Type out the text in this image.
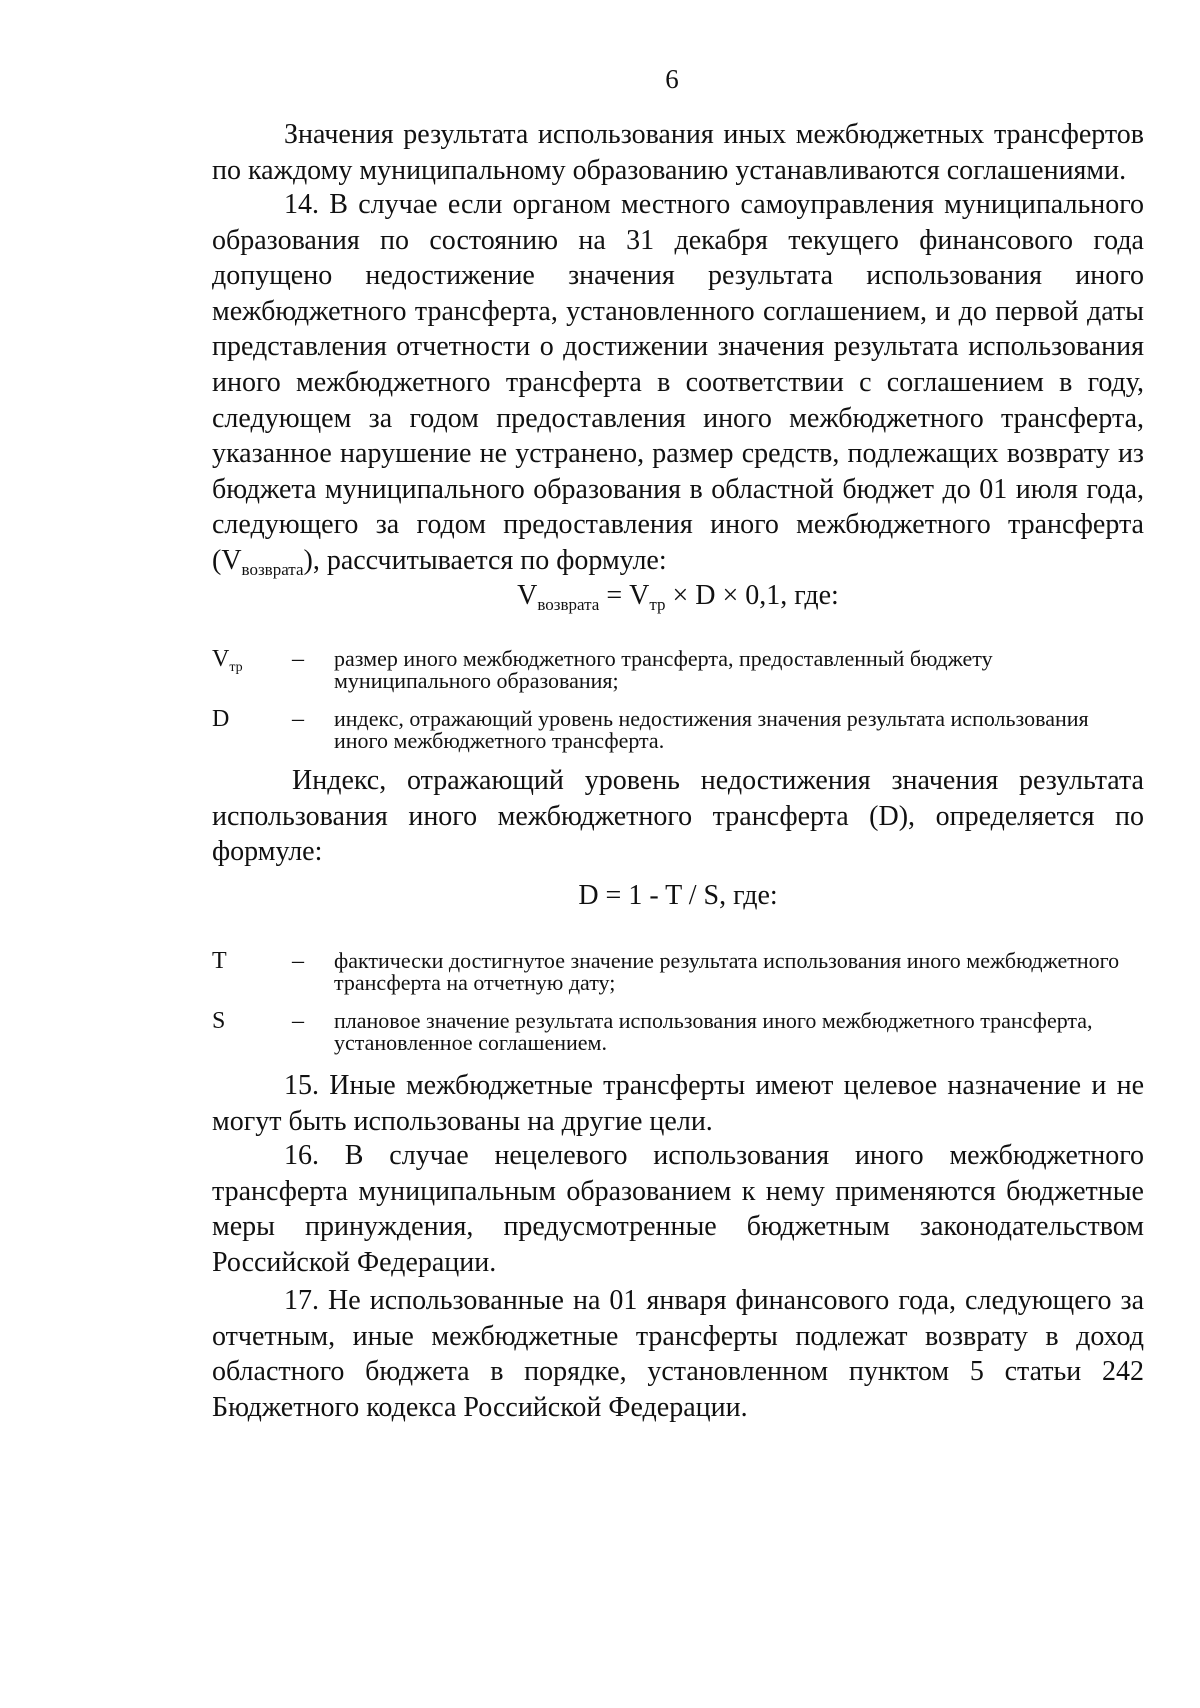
6

Значения результата использования иных межбюджетных трансфертов по каждому муниципальному образованию устанавливаются соглашениями.

14. В случае если органом местного самоуправления муниципального образования по состоянию на 31 декабря текущего финансового года допущено недостижение значения результата использования иного межбюджетного трансферта, установленного соглашением, и до первой даты представления отчетности о достижении значения результата использования иного межбюджетного трансферта в соответствии с соглашением в году, следующем за годом предоставления иного межбюджетного трансферта, указанное нарушение не устранено, размер средств, подлежащих возврату из бюджета муниципального образования в областной бюджет до 01 июля года, следующего за годом предоставления иного межбюджетного трансферта $(V_{возврата})$, рассчитывается по формуле:

$V_{возврата} = V_{тр} \times D \times 0,1$, где:
$V_{тр}$	–	размер иного межбюджетного трансферта, предоставленный бюджету муниципального образования;
D	–	индекс, отражающий уровень недостижения значения результата использования иного межбюджетного трансферта.

Индекс, отражающий уровень недостижения значения результата использования иного межбюджетного трансферта (D), определяется по формуле:

D = 1 - T / S, где:
T	–	фактически достигнутое значение результата использования иного межбюджетного трансферта на отчетную дату;
S	–	плановое значение результата использования иного межбюджетного трансферта, установленное соглашением.

15. Иные межбюджетные трансферты имеют целевое назначение и не могут быть использованы на другие цели.

16. В случае нецелевого использования иного межбюджетного трансферта муниципальным образованием к нему применяются бюджетные меры принуждения, предусмотренные бюджетным законодательством Российской Федерации.

17. Не использованные на 01 января финансового года, следующего за отчетным, иные межбюджетные трансферты подлежат возврату в доход областного бюджета в порядке, установленном пунктом 5 статьи 242 Бюджетного кодекса Российской Федерации.
